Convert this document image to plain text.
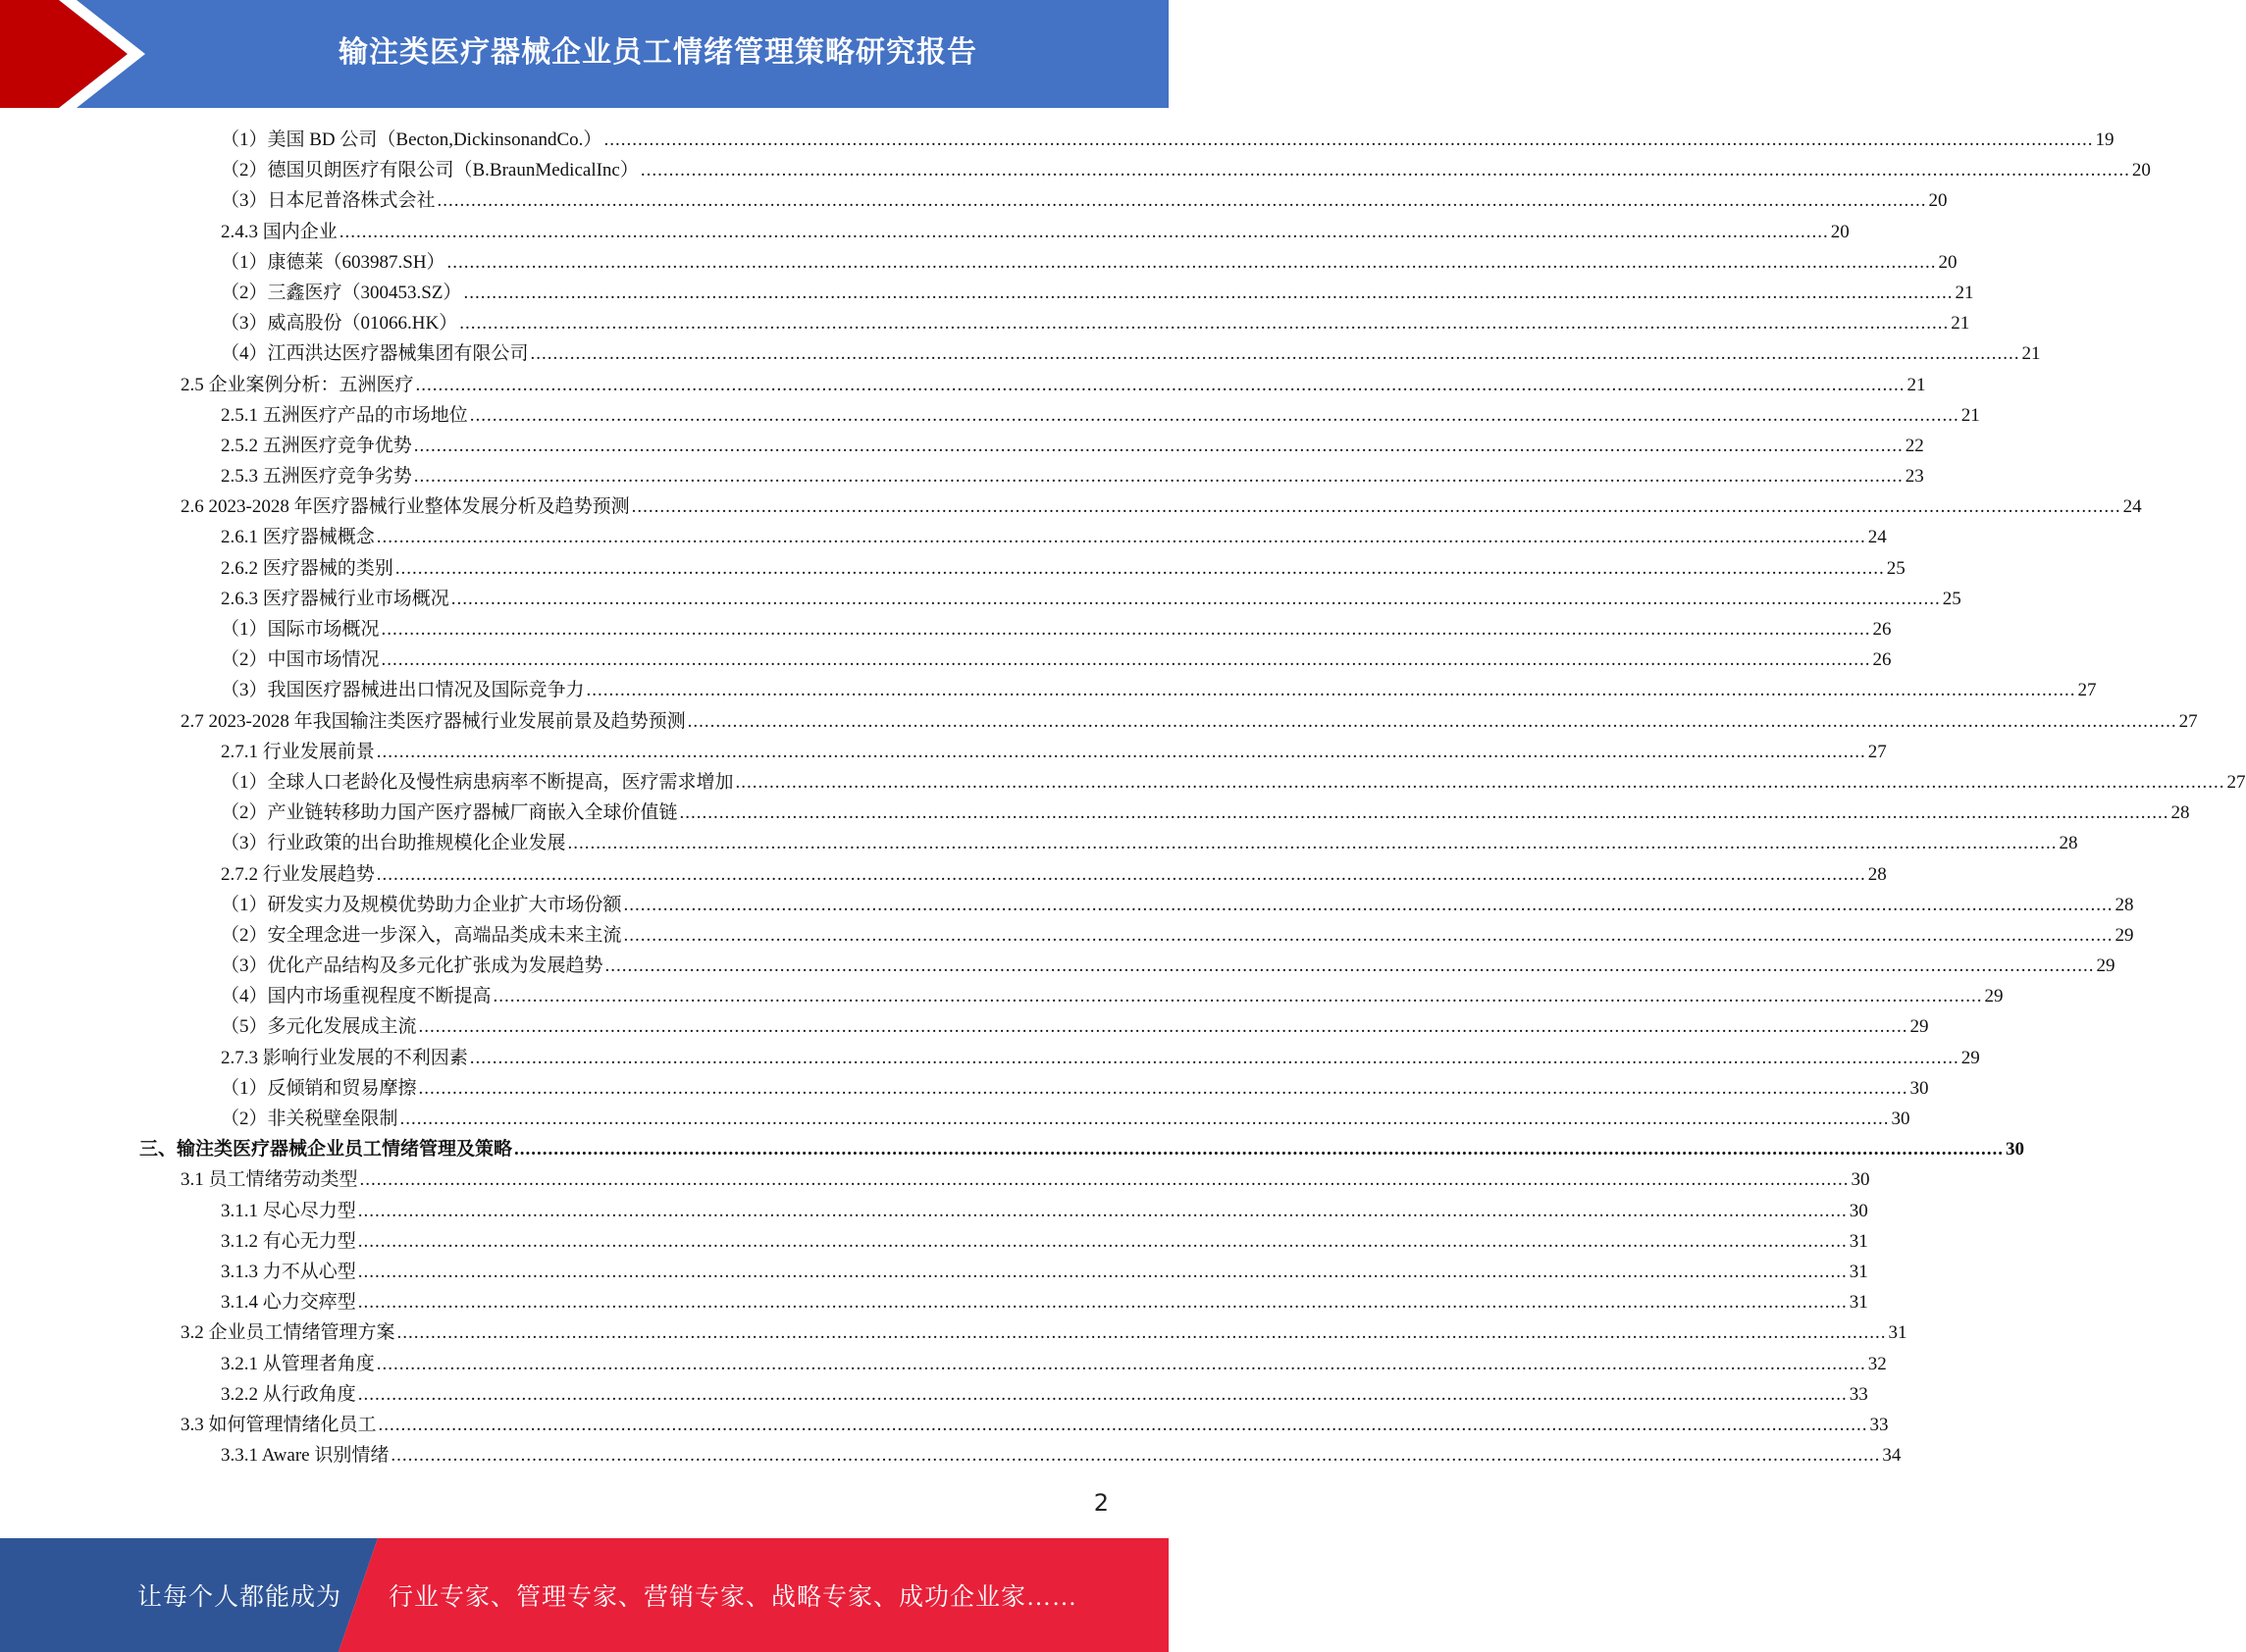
输注类医疗器械企业员工情绪管理策略研究报告
（1）美国 BD 公司（Becton,DickinsonandCo.） .....	19
（2）德国贝朗医疗有限公司（B.BraunMedicalInc） .....	20
（3）日本尼普洛株式会社 .....	20
2.4.3 国内企业 .....	20
（1）康德莱（603987.SH） .....	20
（2）三鑫医疗（300453.SZ） .....	21
（3）威高股份（01066.HK） .....	21
（4）江西洪达医疗器械集团有限公司 .....	21
2.5 企业案例分析：五洲医疗 .....	21
2.5.1 五洲医疗产品的市场地位 .....	21
2.5.2 五洲医疗竞争优势 .....	22
2.5.3 五洲医疗竞争劣势 .....	23
2.6 2023-2028 年医疗器械行业整体发展分析及趋势预测 .....	24
2.6.1 医疗器械概念 .....	24
2.6.2 医疗器械的类别 .....	25
2.6.3 医疗器械行业市场概况 .....	25
（1）国际市场概况 .....	26
（2）中国市场情况 .....	26
（3）我国医疗器械进出口情况及国际竞争力 .....	27
2.7 2023-2028 年我国输注类医疗器械行业发展前景及趋势预测 .....	27
2.7.1 行业发展前景 .....	27
（1）全球人口老龄化及慢性病患病率不断提高，医疗需求增加 .....	27
（2）产业链转移助力国产医疗器械厂商嵌入全球价值链 .....	28
（3）行业政策的出台助推规模化企业发展 .....	28
2.7.2 行业发展趋势 .....	28
（1）研发实力及规模优势助力企业扩大市场份额 .....	28
（2）安全理念进一步深入，高端品类成未来主流 .....	29
（3）优化产品结构及多元化扩张成为发展趋势 .....	29
（4）国内市场重视程度不断提高 .....	29
（5）多元化发展成主流 .....	29
2.7.3 影响行业发展的不利因素 .....	29
（1）反倾销和贸易摩擦 .....	30
（2）非关税壁垒限制 .....	30
三、输注类医疗器械企业员工情绪管理及策略 .....	30
3.1 员工情绪劳动类型 .....	30
3.1.1 尽心尽力型 .....	30
3.1.2 有心无力型 .....	31
3.1.3 力不从心型 .....	31
3.1.4 心力交瘁型 .....	31
3.2 企业员工情绪管理方案 .....	31
3.2.1 从管理者角度 .....	32
3.2.2 从行政角度 .....	33
3.3 如何管理情绪化员工 .....	33
3.3.1 Aware 识别情绪 .....	34
2
让每个人都能成为	行业专家、管理专家、营销专家、战略专家、成功企业家……
